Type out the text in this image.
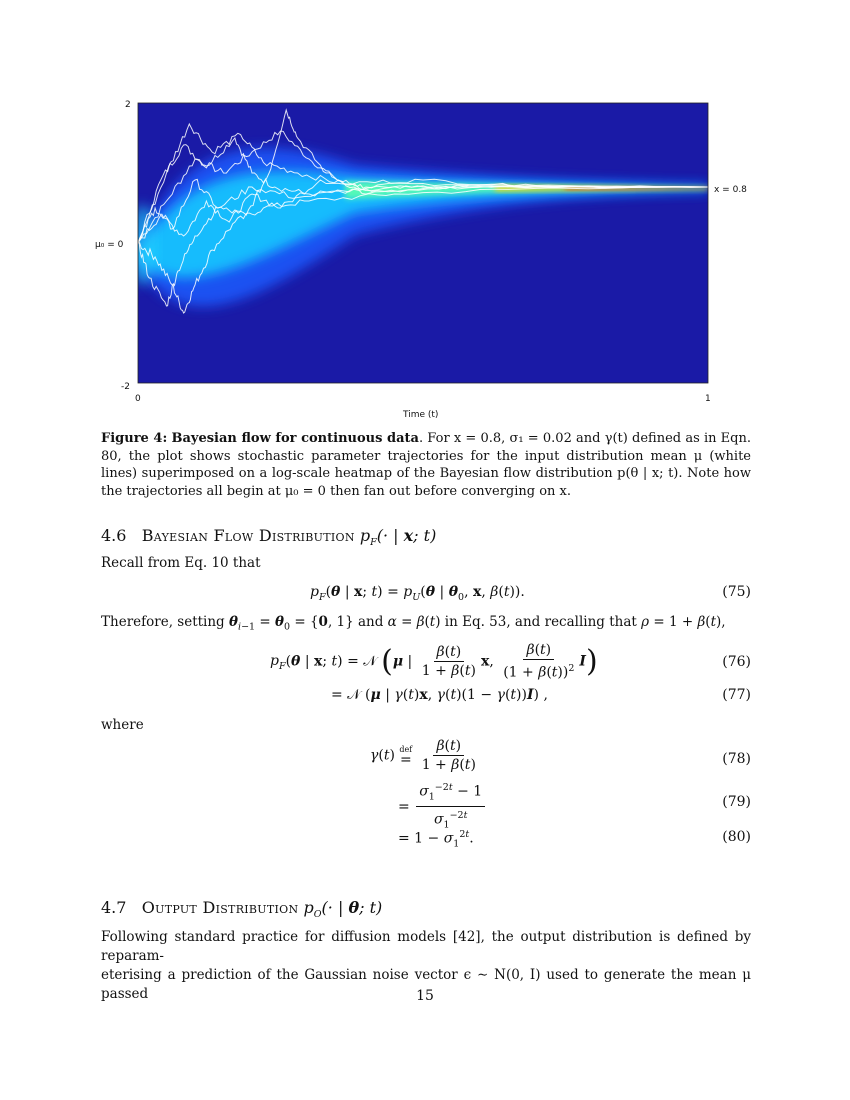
2
μ₀ = 0
-2
x = 0.8
0	1
Time (t)
Figure 4: Bayesian flow for continuous data. For x = 0.8, σ₁ = 0.02 and γ(t) defined as in Eqn. 80, the plot shows stochastic parameter trajectories for the input distribution mean μ (white lines) superimposed on a log-scale heatmap of the Bayesian flow distribution p(θ | x; t). Note how the trajectories all begin at μ₀ = 0 then fan out before converging on x.
4.6 Bayesian Flow Distribution $p_F(\cdot$ | x; t)
Recall from Eq. 10 that
$p_F(\theta$ | x; $t) = p_U(\theta$ | $\theta_0$, x, β(t)).	(75)
Therefore, setting $\theta_{i-1} = \theta_0 = \{0$, 1} and α = β(t) in Eq. 53, and recalling that ρ = 1 + β(t),
$p_F(\theta$ | x; t) = 𝒩 (μ | $\frac{\beta(t)}{1 + \beta(t)} x$, $\frac{\beta(t)}{(1 + \beta(t))^2} I$)	(76)
= 𝒩 (μ | γ(t)x, γ(t)(1 − γ(t))I) ,	(77)
where
γ(t) def
=
$\frac{\beta(t)}{1 + \beta(t)}$	(78)
= $\frac{\sigma_1^{-2t} - 1}{\sigma_1^{-2t}}$	(79)
= $1 - \sigma_1^{2t}$.	(80)
4.7 Output Distribution $p_O(\cdot$ | θ; t)
Following standard practice for diffusion models [42], the output distribution is defined by reparam-
eterising a prediction of the Gaussian noise vector ϵ ∼ N(0, I) used to generate the mean μ passed	15
